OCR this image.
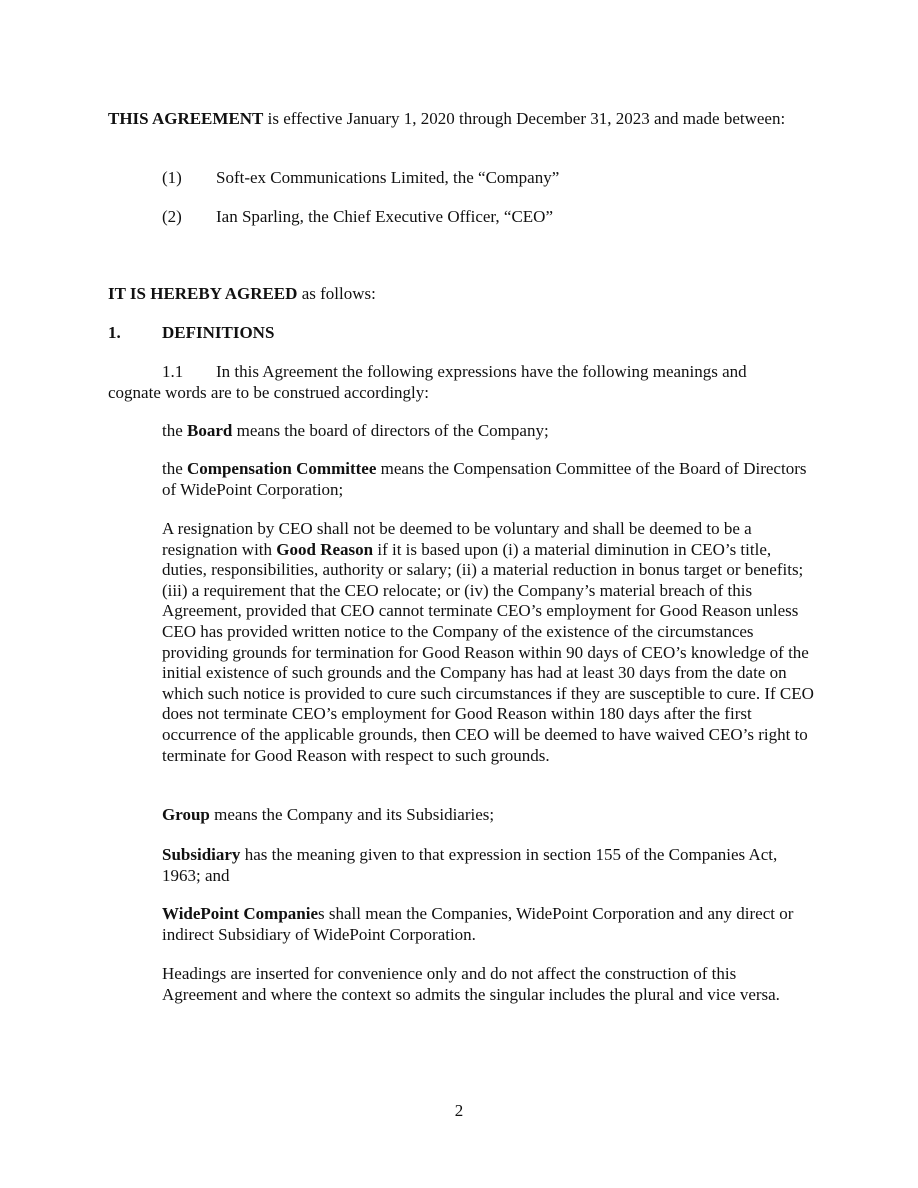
THIS AGREEMENT is effective January 1, 2020 through December 31, 2023 and made between:

(1) Soft-ex Communications Limited, the “Company”

(2) Ian Sparling, the Chief Executive Officer, “CEO”

IT IS HEREBY AGREED as follows:

1. DEFINITIONS

1.1 In this Agreement the following expressions have the following meanings and cognate words are to be construed accordingly:

the Board means the board of directors of the Company;

the Compensation Committee means the Compensation Committee of the Board of Directors of WidePoint Corporation;

A resignation by CEO shall not be deemed to be voluntary and shall be deemed to be a resignation with Good Reason if it is based upon (i) a material diminution in CEO’s title, duties, responsibilities, authority or salary; (ii) a material reduction in bonus target or benefits; (iii) a requirement that the CEO relocate; or (iv) the Company’s material breach of this Agreement, provided that CEO cannot terminate CEO’s employment for Good Reason unless CEO has provided written notice to the Company of the existence of the circumstances providing grounds for termination for Good Reason within 90 days of CEO’s knowledge of the initial existence of such grounds and the Company has had at least 30 days from the date on which such notice is provided to cure such circumstances if they are susceptible to cure. If CEO does not terminate CEO’s employment for Good Reason within 180 days after the first occurrence of the applicable grounds, then CEO will be deemed to have waived CEO’s right to terminate for Good Reason with respect to such grounds.

Group means the Company and its Subsidiaries;

Subsidiary has the meaning given to that expression in section 155 of the Companies Act, 1963; and

WidePoint Companies shall mean the Companies, WidePoint Corporation and any direct or indirect Subsidiary of WidePoint Corporation.

Headings are inserted for convenience only and do not affect the construction of this Agreement and where the context so admits the singular includes the plural and vice versa.

2
